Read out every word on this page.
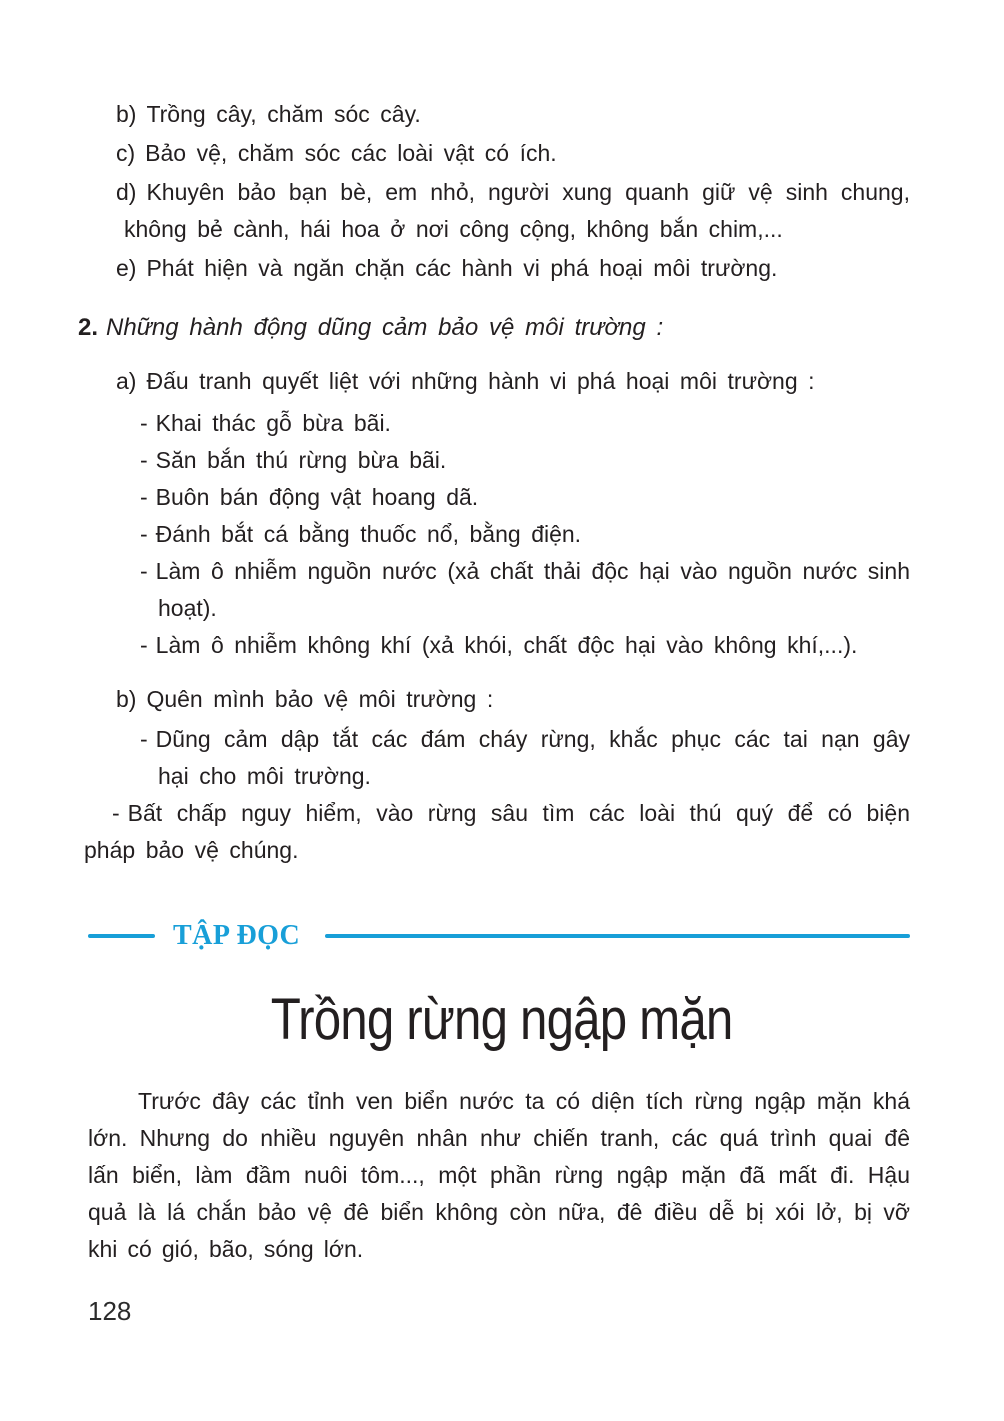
b) Trồng cây, chăm sóc cây.
c) Bảo vệ, chăm sóc các loài vật có ích.
d) Khuyên bảo bạn bè, em nhỏ, người xung quanh giữ vệ sinh chung, không bẻ cành, hái hoa ở nơi công cộng, không bắn chim,...
e) Phát hiện và ngăn chặn các hành vi phá hoại môi trường.
2. Những hành động dũng cảm bảo vệ môi trường :
a) Đấu tranh quyết liệt với những hành vi phá hoại môi trường :
- Khai thác gỗ bừa bãi.
- Săn bắn thú rừng bừa bãi.
- Buôn bán động vật hoang dã.
- Đánh bắt cá bằng thuốc nổ, bằng điện.
- Làm ô nhiễm nguồn nước (xả chất thải độc hại vào nguồn nước sinh hoạt).
- Làm ô nhiễm không khí (xả khói, chất độc hại vào không khí,...).
b) Quên mình bảo vệ môi trường :
- Dũng cảm dập tắt các đám cháy rừng, khắc phục các tai nạn gây hại cho môi trường.
- Bất chấp nguy hiểm, vào rừng sâu tìm các loài thú quý để có biện pháp bảo vệ chúng.
TẬP ĐỌC
Trồng rừng ngập mặn
Trước đây các tỉnh ven biển nước ta có diện tích rừng ngập mặn khá lớn. Nhưng do nhiều nguyên nhân như chiến tranh, các quá trình quai đê lấn biển, làm đầm nuôi tôm..., một phần rừng ngập mặn đã mất đi. Hậu quả là lá chắn bảo vệ đê biển không còn nữa, đê điều dễ bị xói lở, bị vỡ khi có gió, bão, sóng lớn.
128
